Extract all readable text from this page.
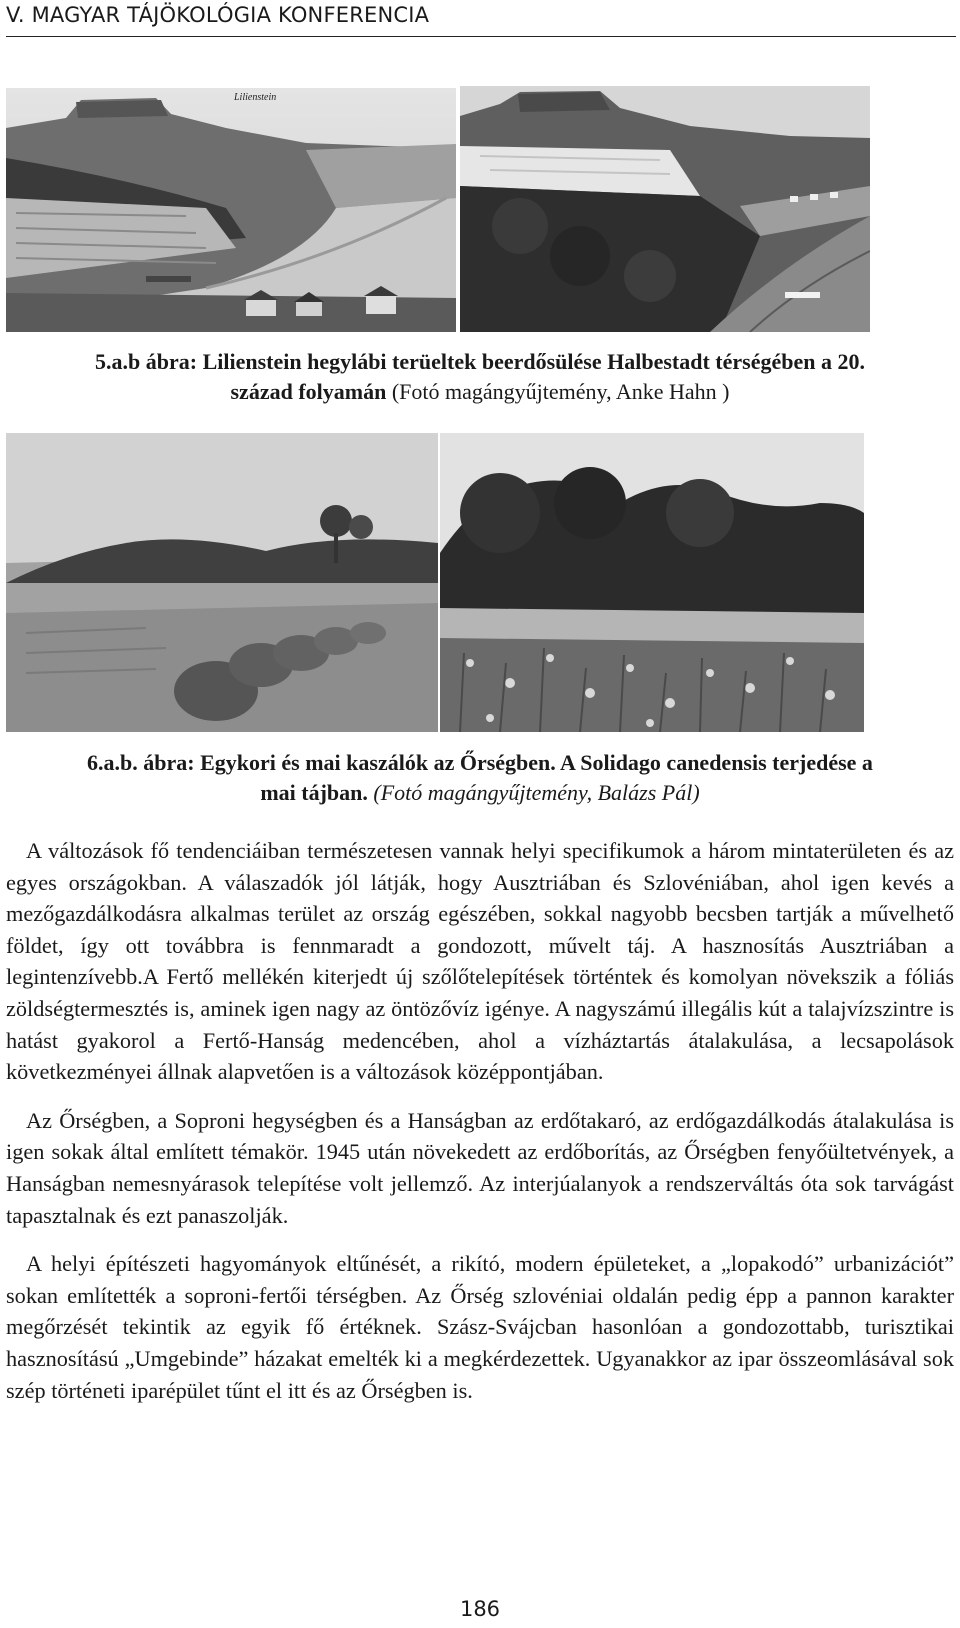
V. MAGYAR TÁJÖKOLÓGIA KONFERENCIA
Lilienstein
5.a.b ábra: Lilienstein hegylábi terüeltek beerdősülése Halbestadt térségében a 20.
század folyamán (Fotó magángyűjtemény, Anke Hahn )
6.a.b. ábra: Egykori és mai kaszálók az Őrségben. A Solidago canedensis terjedése a
mai tájban. (Fotó magángyűjtemény, Balázs Pál)

A változások fő tendenciáiban természetesen vannak helyi specifikumok a három mintaterületen és az egyes országokban. A válaszadók jól látják, hogy Ausztriában és Szlovéniában, ahol igen kevés a mezőgazdálkodásra alkalmas terület az ország egészében, sokkal nagyobb becsben tartják a művelhető földet, így ott továbbra is fennmaradt a gondozott, művelt táj. A hasznosítás Ausztriában a legintenzívebb.A Fertő mellékén kiterjedt új szőlőtelepítések történtek és komolyan növekszik a fóliás zöldségtermesztés is, aminek igen nagy az öntözővíz igénye. A nagyszámú illegális kút a talajvízszintre is hatást gyakorol a Fertő-Hanság medencében, ahol a vízháztartás átalakulása, a lecsapolások következményei állnak alapvetően is a változások középpontjában.

Az Őrségben, a Soproni hegységben és a Hanságban az erdőtakaró, az erdőgazdálkodás átalakulása is igen sokak által említett témakör. 1945 után növekedett az erdőborítás, az Őrségben fenyőültetvények, a Hanságban nemesnyárasok telepítése volt jellemző. Az interjúalanyok a rendszerváltás óta sok tarvágást tapasztalnak és ezt panaszolják.

A helyi építészeti hagyományok eltűnését, a rikító, modern épületeket, a „lopakodó” urbanizációt” sokan említették a soproni-fertői térségben. Az Őrség szlovéniai oldalán pedig épp a pannon karakter megőrzését tekintik az egyik fő értéknek. Szász-Svájcban hasonlóan a gondozottabb, turisztikai hasznosítású „Umgebinde” házakat emelték ki a megkérdezettek. Ugyanakkor az ipar összeomlásával sok szép történeti iparépület tűnt el itt és az Őrségben is.

186
